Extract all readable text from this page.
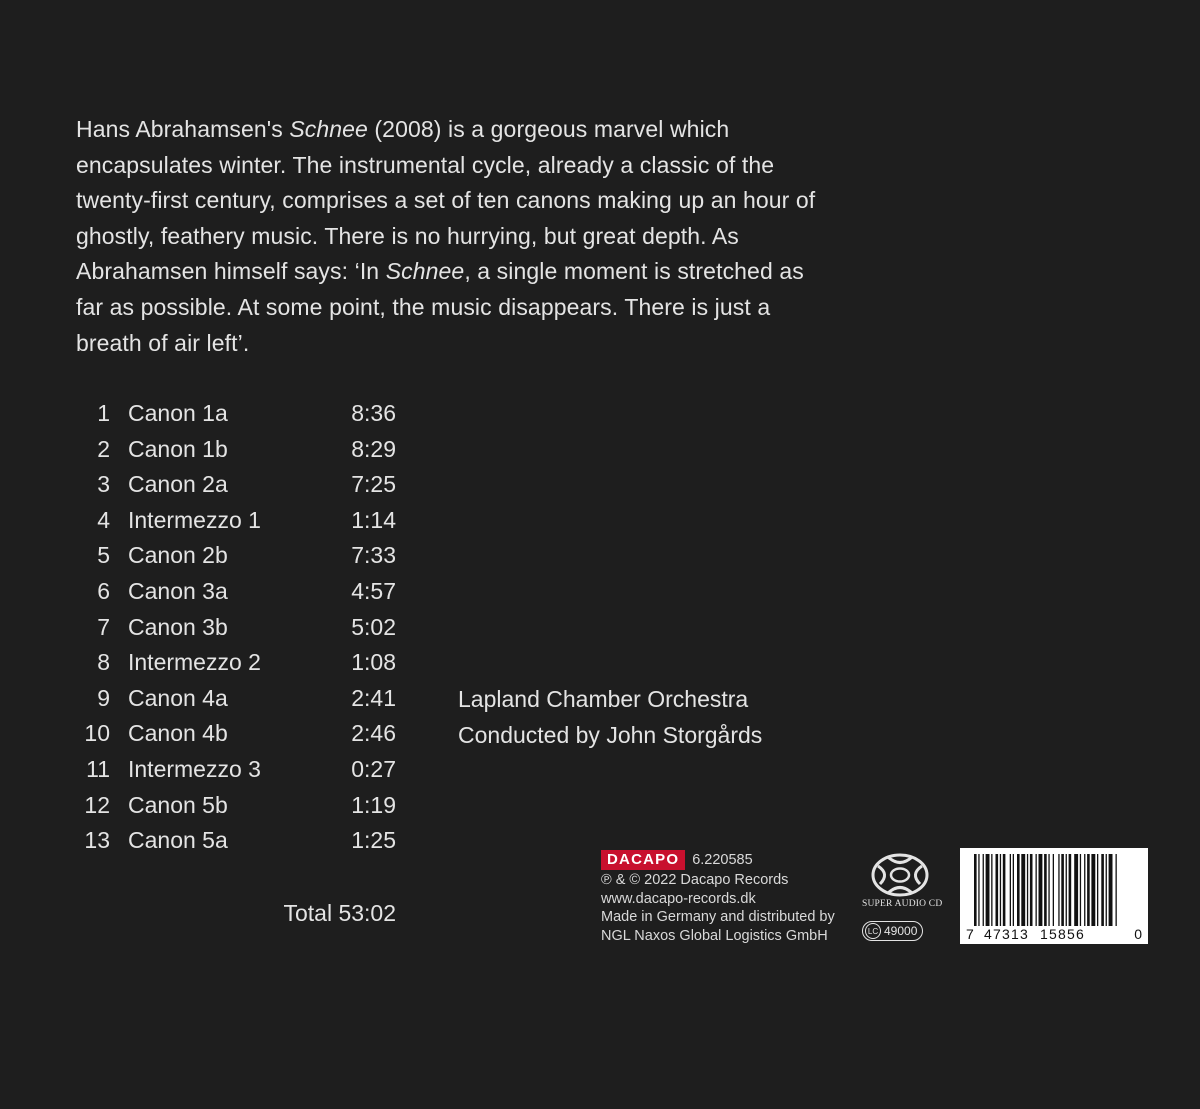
Hans Abrahamsen's Schnee (2008) is a gorgeous marvel which encapsulates winter. The instrumental cycle, already a classic of the twenty-first century, comprises a set of ten canons making up an hour of ghostly, feathery music. There is no hurrying, but great depth. As Abrahamsen himself says: ‘In Schnee, a single moment is stretched as far as possible. At some point, the music disappears. There is just a breath of air left’.

1 Canon 1a	8:36
2 Canon 1b	8:29
3 Canon 2a	7:25
4 Intermezzo 1	1:14
5 Canon 2b	7:33
6 Canon 3a	4:57
7 Canon 3b	5:02
8 Intermezzo 2	1:08
9 Canon 4a	2:41
10 Canon 4b	2:46
11 Intermezzo 3	0:27
12 Canon 5b	1:19
13 Canon 5a	1:25
Total 53:02
Lapland Chamber Orchestra
Conducted by John Storgårds
DACAPO 6.220585
℗ & © 2022 Dacapo Records
www.dacapo-records.dk
Made in Germany and distributed by
NGL Naxos Global Logistics GmbH
SUPER AUDIO CD
LC 49000	7 47313 15856	0
